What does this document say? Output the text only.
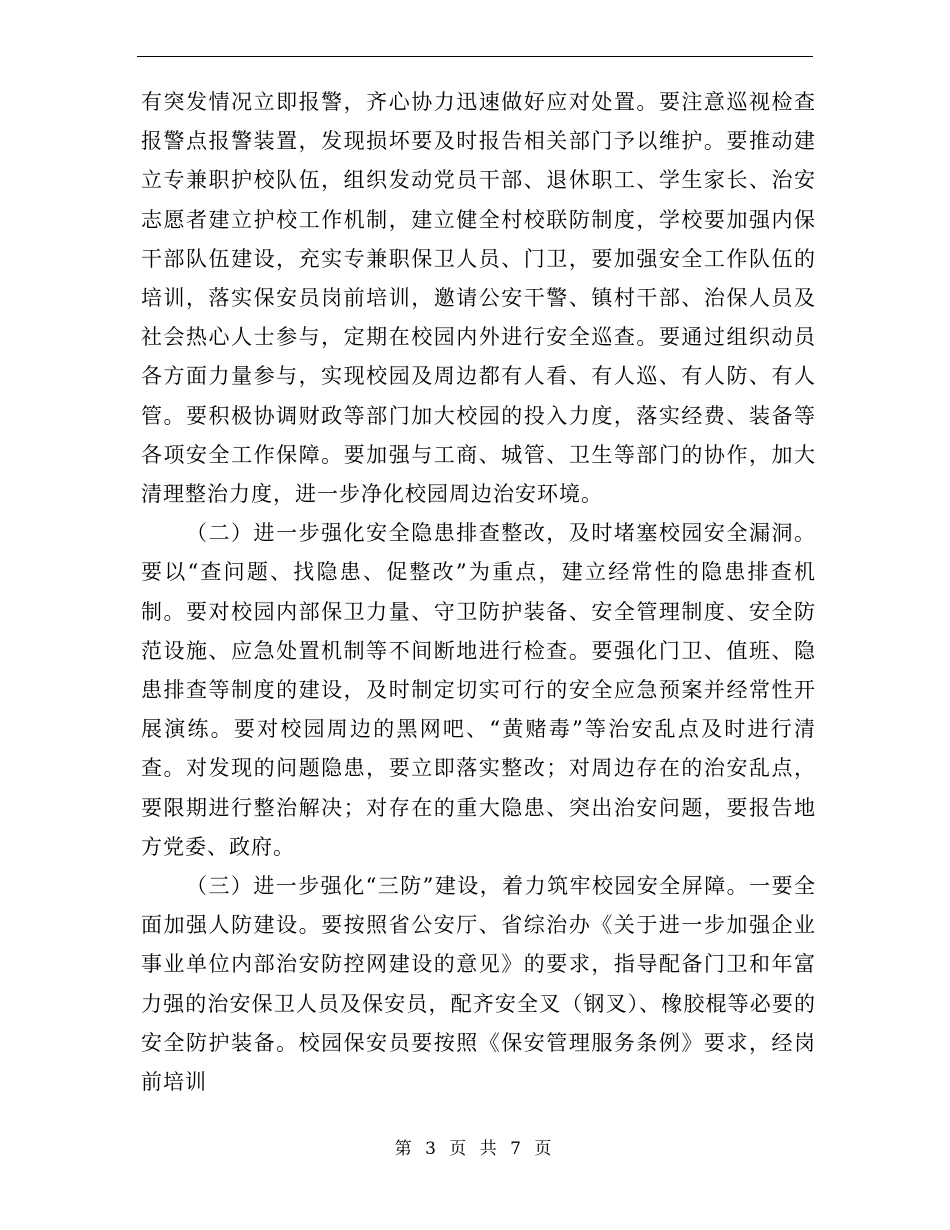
有突发情况立即报警，齐心协力迅速做好应对处置。要注意巡视检查报警点报警装置，发现损坏要及时报告相关部门予以维护。要推动建立专兼职护校队伍，组织发动党员干部、退休职工、学生家长、治安志愿者建立护校工作机制，建立健全村校联防制度，学校要加强内保干部队伍建设，充实专兼职保卫人员、门卫，要加强安全工作队伍的培训，落实保安员岗前培训，邀请公安干警、镇村干部、治保人员及社会热心人士参与，定期在校园内外进行安全巡查。要通过组织动员各方面力量参与，实现校园及周边都有人看、有人巡、有人防、有人管。要积极协调财政等部门加大校园的投入力度，落实经费、装备等各项安全工作保障。要加强与工商、城管、卫生等部门的协作，加大清理整治力度，进一步净化校园周边治安环境。

（二）进一步强化安全隐患排查整改，及时堵塞校园安全漏洞。要以“查问题、找隐患、促整改”为重点，建立经常性的隐患排查机制。要对校园内部保卫力量、守卫防护装备、安全管理制度、安全防范设施、应急处置机制等不间断地进行检查。要强化门卫、值班、隐患排查等制度的建设，及时制定切实可行的安全应急预案并经常性开展演练。要对校园周边的黑网吧、“黄赌毒”等治安乱点及时进行清查。对发现的问题隐患，要立即落实整改；对周边存在的治安乱点，要限期进行整治解决；对存在的重大隐患、突出治安问题，要报告地方党委、政府。

（三）进一步强化“三防”建设，着力筑牢校园安全屏障。一要全面加强人防建设。要按照省公安厅、省综治办《关于进一步加强企业事业单位内部治安防控网建设的意见》的要求，指导配备门卫和年富力强的治安保卫人员及保安员，配齐安全叉（钢叉）、橡胶棍等必要的安全防护装备。校园保安员要按照《保安管理服务条例》要求，经岗前培训

第 3 页 共 7 页
